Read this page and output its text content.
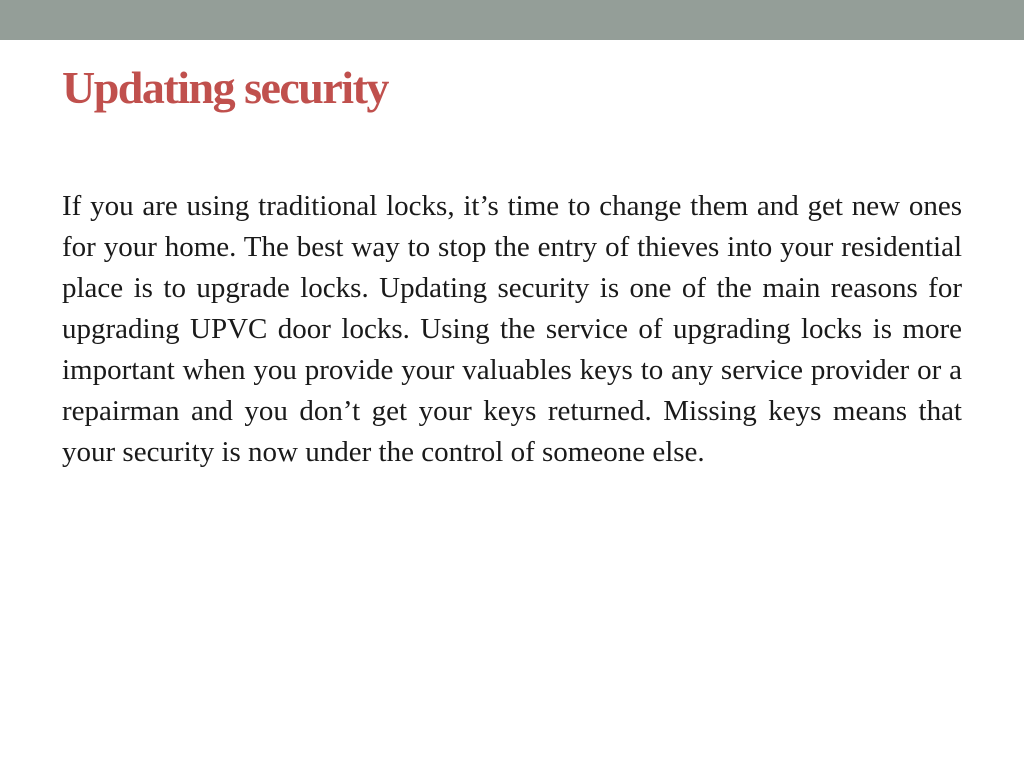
Updating security

If you are using traditional locks, it’s time to change them and get new ones for your home. The best way to stop the entry of thieves into your residential place is to upgrade locks. Updating security is one of the main reasons for upgrading UPVC door locks. Using the service of upgrading locks is more important when you provide your valuables keys to any service provider or a repairman and you don’t get your keys returned. Missing keys means that your security is now under the control of someone else.
